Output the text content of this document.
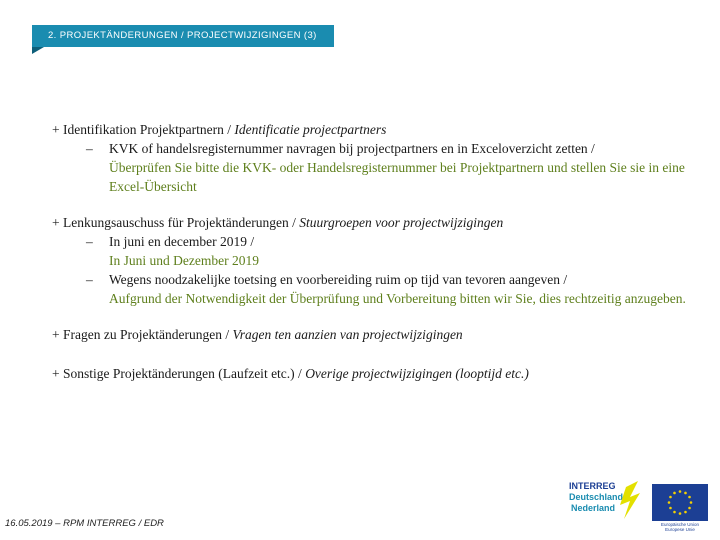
2. PROJEKTÄNDERUNGEN / PROJECTWIJZIGINGEN (3)

+ Identifikation Projektpartnern / Identificatie projectpartners

– KVK of handelsregisternummer navragen bij projectpartners en in Exceloverzicht zetten /
Überprüfen Sie bitte die KVK- oder Handelsregisternummer bei Projektpartnern und stellen Sie sie in eine Excel-Übersicht

+ Lenkungsauschuss für Projektänderungen / Stuurgroepen voor projectwijzigingen

– In juni en december 2019 /
In Juni und Dezember 2019
– Wegens noodzakelijke toetsing en voorbereiding ruim op tijd van tevoren aangeven /
Aufgrund der Notwendigkeit der Überprüfung und Vorbereitung bitten wir Sie, dies rechtzeitig anzugeben.

+ Fragen zu Projektänderungen / Vragen ten aanzien van projectwijzigingen

+ Sonstige Projektänderungen (Laufzeit etc.) / Overige projectwijzigingen (looptijd etc.)

16.05.2019 – RPM INTERREG / EDR
INTERREG
Deutschland
Nederland
Europäische Union
Europese Unie
